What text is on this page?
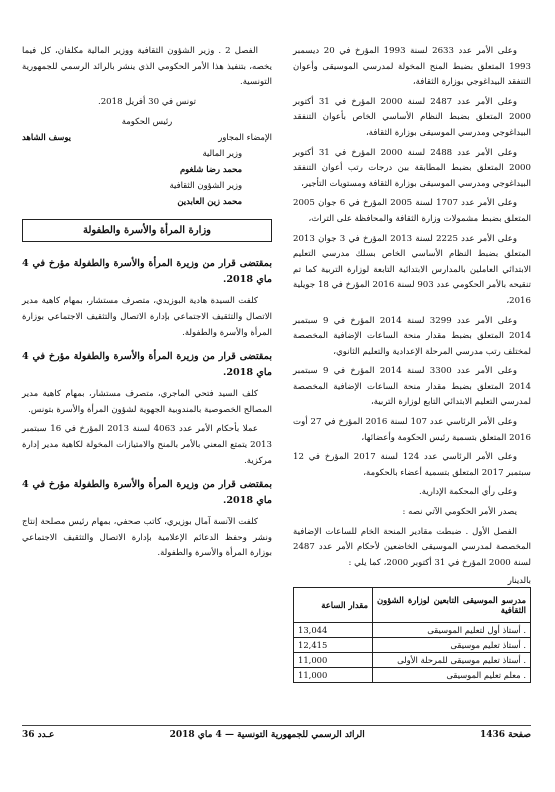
وعلى الأمر عدد 2633 لسنة 1993 المؤرخ في 20 ديسمبر 1993 المتعلق بضبط المنح المخولة لمدرسي الموسيقى وأعوان التنفقد البيداغوجي بوزارة الثقافة،

وعلى الأمر عدد 2487 لسنة 2000 المؤرخ في 31 أكتوبر 2000 المتعلق بضبط النظام الأساسي الخاص بأعوان التنفقد البيداغوجي ومدرسي الموسيقى بوزارة الثقافة،

وعلى الأمر عدد 2488 لسنة 2000 المؤرخ في 31 أكتوبر 2000 المتعلق بضبط المطابقة بين درجات رتب أعوان التنفقد البيداغوجي ومدرسي الموسيقى بوزارة الثقافة ومستويات التأجير،

وعلى الأمر عدد 1707 لسنة 2005 المؤرخ في 6 جوان 2005 المتعلق بضبط مشمولات وزارة الثقافة والمحافظة على التراث،

وعلى الأمر عدد 2225 لسنة 2013 المؤرخ في 3 جوان 2013 المتعلق بضبط النظام الأساسي الخاص بسلك مدرسي التعليم الابتدائي العاملين بالمدارس الابتدائية التابعة لوزارة التربية كما تم تنقيحه بالأمر الحكومي عدد 903 لسنة 2016 المؤرخ في 18 جويلية 2016،

وعلى الأمر عدد 3299 لسنة 2014 المؤرخ في 9 سبتمبر 2014 المتعلق بضبط مقدار منحة الساعات الإضافية المخصصة لمختلف رتب مدرسي المرحلة الإعدادية والتعليم الثانوي،

وعلى الأمر عدد 3300 لسنة 2014 المؤرخ في 9 سبتمبر 2014 المتعلق بضبط مقدار منحة الساعات الإضافية المخصصة لمدرسي التعليم الابتدائي التابع لوزارة التربية،

وعلى الأمر الرئاسي عدد 107 لسنة 2016 المؤرخ في 27 أوت 2016 المتعلق بتسمية رئيس الحكومة وأعضائها،

وعلى الأمر الرئاسي عدد 124 لسنة 2017 المؤرخ في 12 سبتمبر 2017 المتعلق بتسمية أعضاء بالحكومة،

وعلى رأي المحكمة الإدارية.

يصدر الأمر الحكومي الآتي نصه :

الفصل الأول . ضبطت مقادير المنحة الخام للساعات الإضافية المخصصة لمدرسي الموسيقى الخاضعين لأحكام الأمر عدد 2487 لسنة 2000 المؤرخ في 31 أكتوبر 2000، كما يلي :

بالدينار
مدرسو الموسيقى التابعين لوزارة الشؤون الثقافية	مقدار الساعة
. أستاذ أول لتعليم الموسيقى	13,044
. أستاذ تعليم موسيقى	12,415
. أستاذ تعليم موسيقى للمرحلة الأولى	11,000
. معلم تعليم الموسيقى	11,000

الفصل 2 . وزير الشؤون الثقافية ووزير المالية مكلفان، كل فيما يخصه، بتنفيذ هذا الأمر الحكومي الذي ينشر بالرائد الرسمي للجمهورية التونسية.

تونس في 30 أفريل 2018.

رئيس الحكومة
الإمضاء المجاور
يوسف الشاهد
وزير المالية
محمد رضا شلغوم
وزير الشؤون الثقافية
محمد زين العابدين
وزارة المرأة والأسرة والطفولة

بمقتضى قرار من وزيرة المرأة والأسرة والطفولة مؤرخ في 4 ماي 2018.

كلفت السيدة هادية البوزيدي، متصرف مستشار، بمهام كاهية مدير الاتصال والتثقيف الاجتماعي بإدارة الاتصال والتثقيف الاجتماعي بوزارة المرأة والأسرة والطفولة.

بمقتضى قرار من وزيرة المرأة والأسرة والطفولة مؤرخ في 4 ماي 2018.

كلف السيد فتحي الماجري، متصرف مستشار، بمهام كاهية مدير المصالح الخصوصية بالمندوبية الجهوية لشؤون المرأة والأسرة بتونس.

عملا بأحكام الأمر عدد 4063 لسنة 2013 المؤرخ في 16 سبتمبر 2013 يتمتع المعني بالأمر بالمنح والامتيازات المخولة لكاهية مدير إدارة مركزية.

بمقتضى قرار من وزيرة المرأة والأسرة والطفولة مؤرخ في 4 ماي 2018.

كلفت الآنسة آمال بوزيري، كاتب صحفي، بمهام رئيس مصلحة إنتاج ونشر وحفظ الدعائم الإعلامية بإدارة الاتصال والتثقيف الاجتماعي بوزارة المرأة والأسرة والطفولة.

صفحة 1436
الرائد الرسمي للجمهورية التونسية — 4 ماي 2018
عـدد 36
